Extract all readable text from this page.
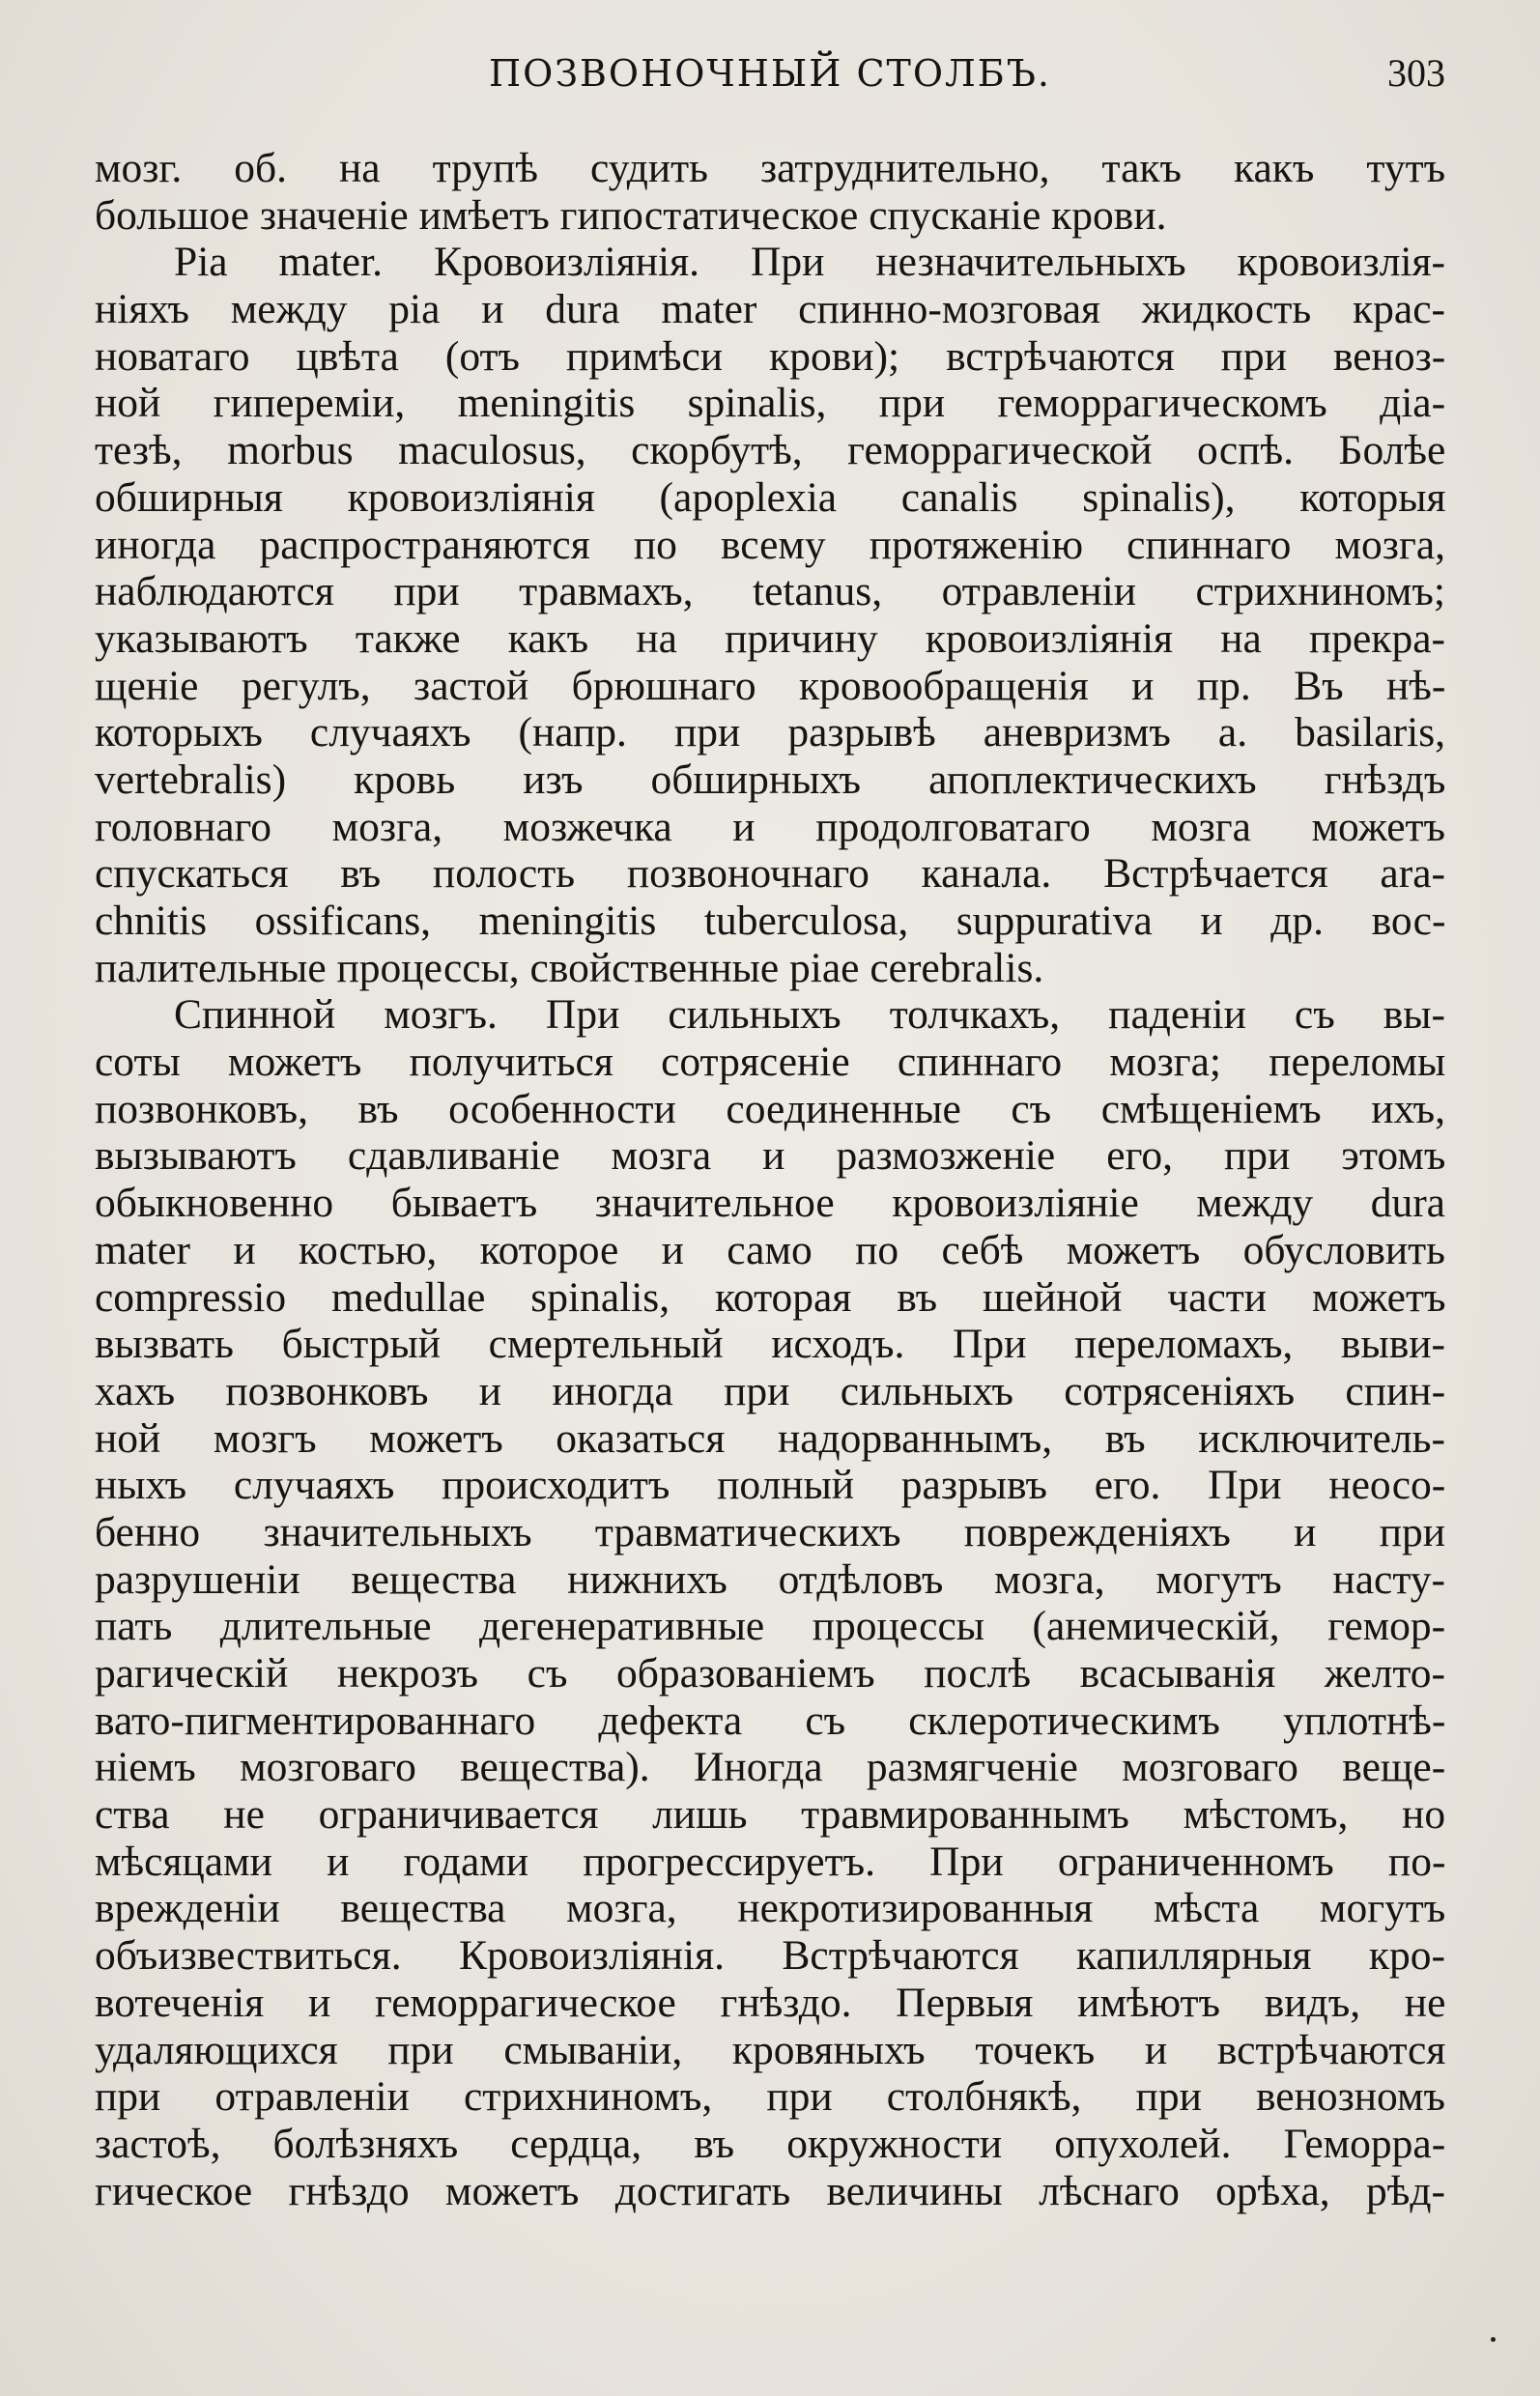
ПОЗВОНОЧНЫЙ СТОЛБЪ.	303
мозг. об. на трупѣ судить затруднительно, такъ какъ тутъ
большое значенiе имѣетъ гипостатическое спусканiе крови.
Pia mater. Кровоизлiянiя. При незначительныхъ кровоизлiя-
нiяхъ между pia и dura mater спинно-мозговая жидкость крас-
новатаго цвѣта (отъ примѣси крови); встрѣчаются при веноз-
ной гиперемiи, meningitis spinalis, при геморрагическомъ дiа-
тезѣ, morbus maculosus, скорбутѣ, геморрагической оспѣ. Болѣе
обширныя кровоизлiянiя (apoplexia canalis spinalis), которыя
иногда распространяются по всему протяженiю спиннаго мозга,
наблюдаются при травмахъ, tetanus, отравленiи стрихниномъ;
указываютъ также какъ на причину кровоизлiянiя на прекра-
щенiе регулъ, застой брюшнаго кровообращенiя и пр. Въ нѣ-
которыхъ случаяхъ (напр. при разрывѣ аневризмъ a. basilaris,
vertebralis) кровь изъ обширныхъ апоплектическихъ гнѣздъ
головнаго мозга, мозжечка и продолговатаго мозга можетъ
спускаться въ полость позвоночнаго канала. Встрѣчается ara-
chnitis ossificans, meningitis tuberculosa, suppurativa и др. вос-
палительные процессы, свойственные piae cerebralis.
Спинной мозгъ. При сильныхъ толчкахъ, паденiи съ вы-
соты можетъ получиться сотрясенiе спиннаго мозга; переломы
позвонковъ, въ особенности соединенные съ смѣщенiемъ ихъ,
вызываютъ сдавливанiе мозга и размозженiе его, при этомъ
обыкновенно бываетъ значительное кровоизлiянiе между dura
mater и костью, которое и само по себѣ можетъ обусловить
compressio medullae spinalis, которая въ шейной части можетъ
вызвать быстрый смертельный исходъ. При переломахъ, выви-
хахъ позвонковъ и иногда при сильныхъ сотрясенiяхъ спин-
ной мозгъ можетъ оказаться надорваннымъ, въ исключитель-
ныхъ случаяхъ происходитъ полный разрывъ его. При неосо-
бенно значительныхъ травматическихъ поврежденiяхъ и при
разрушенiи вещества нижнихъ отдѣловъ мозга, могутъ насту-
пать длительные дегенеративные процессы (анемическiй, гемор-
рагическiй некрозъ съ образованiемъ послѣ всасыванiя желто-
вато-пигментированнаго дефекта съ склеротическимъ уплотнѣ-
нiемъ мозговаго вещества). Иногда размягченiе мозговаго веще-
ства не ограничивается лишь травмированнымъ мѣстомъ, но
мѣсяцами и годами прогрессируетъ. При ограниченномъ по-
врежденiи вещества мозга, некротизированныя мѣста могутъ
объизвествиться. Кровоизлiянiя. Встрѣчаются капиллярныя кро-
вотеченiя и геморрагическое гнѣздо. Первыя имѣютъ видъ, не
удаляющихся при смыванiи, кровяныхъ точекъ и встрѣчаются
при отравленiи стрихниномъ, при столбнякѣ, при венозномъ
застоѣ, болѣзняхъ сердца, въ окружности опухолей. Геморра-
гическое гнѣздо можетъ достигать величины лѣснаго орѣха, рѣд-
